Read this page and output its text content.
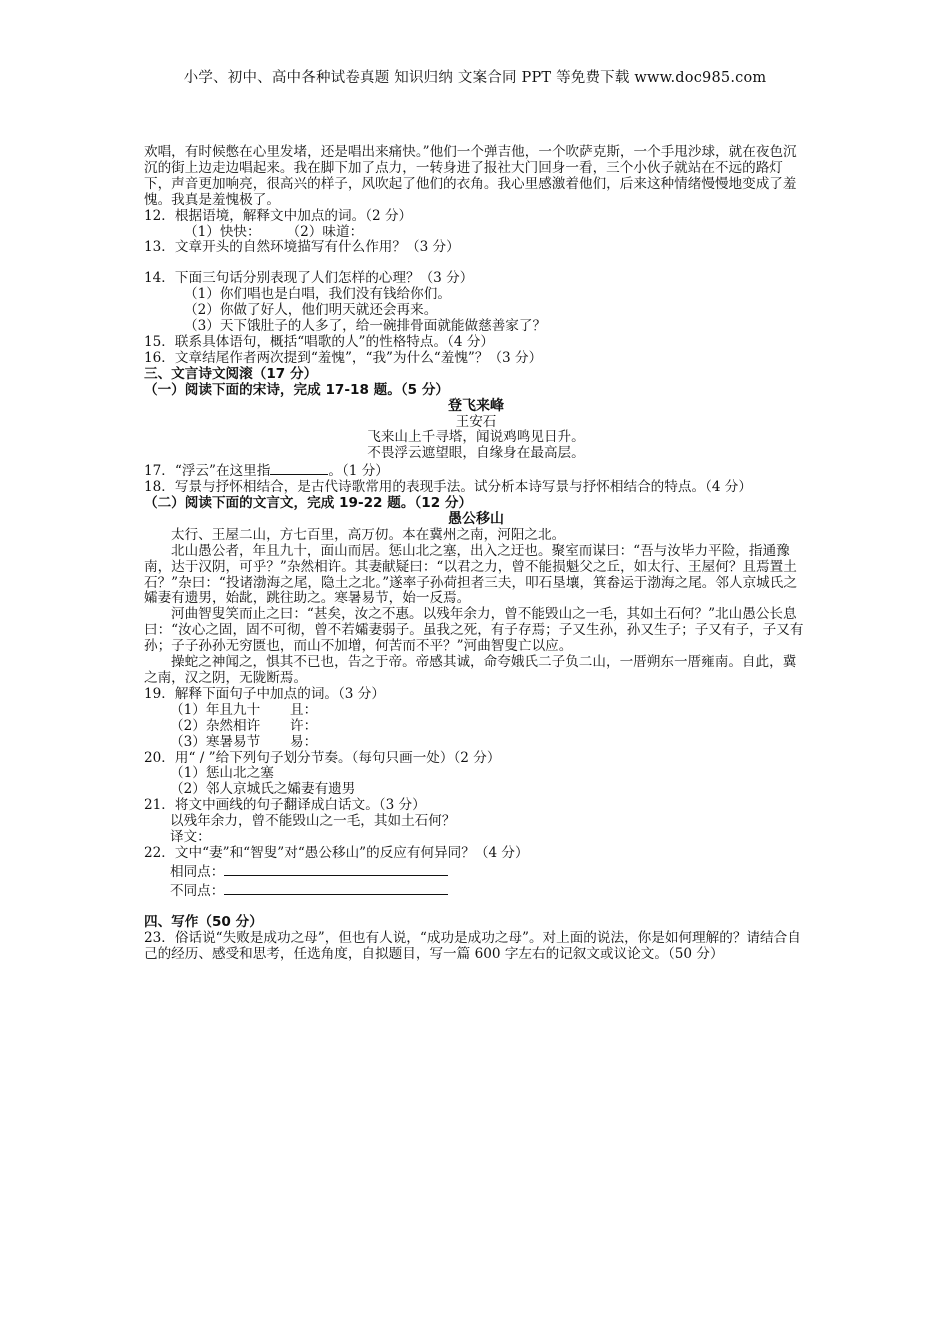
小学、初中、高中各种试卷真题 知识归纳 文案合同 PPT 等免费下载 www.doc985.com

欢唱，有时候憋在心里发堵，还是唱出来痛快。”他们一个弹吉他，一个吹萨克斯，一个手甩沙球，就在夜色沉沉的街上边走边唱起来。我在脚下加了点力，一转身进了报社大门回身一看，三个小伙子就站在不远的路灯下，声音更加响亮，很高兴的样子，风吹起了他们的衣角。我心里感激着他们，后来这种情绪慢慢地变成了羞愧。我真是羞愧极了。

12．根据语境，解释文中加点的词。（2 分）
（1）快快：      （2）味道：
13．文章开头的自然环境描写有什么作用？（3 分）
14．下面三句话分别表现了人们怎样的心理？（3 分）
（1）你们唱也是白唱，我们没有钱给你们。
（2）你做了好人，他们明天就还会再来。
（3）天下饿肚子的人多了，给一碗排骨面就能做慈善家了？
15．联系具体语句，概括“唱歌的人”的性格特点。（4 分）
16．文章结尾作者两次提到“羞愧”，“我”为什么“羞愧”？（3 分）
三、文言诗文阅滚（17 分）
（一）阅读下面的宋诗，完成 17-18 题。（5 分）
登飞来峰
王安石
飞来山上千寻塔，闻说鸡鸣见日升。
不畏浮云遮望眼，自缘身在最高层。
17．“浮云”在这里指	。（1 分）
18．写景与抒怀相结合，是古代诗歌常用的表现手法。试分析本诗写景与抒怀相结合的特点。（4 分）
（二）阅读下面的文言文，完成 19-22 题。（12 分）
愚公移山

太行、王屋二山，方七百里，高万仞。本在冀州之南，河阳之北。

北山愚公者，年且九十，面山而居。惩山北之塞，出入之迂也。聚室而谋曰：“吾与汝毕力平险，指通豫南，达于汉阴，可乎？”杂然相许。其妻献疑曰：“以君之力，曾不能损魁父之丘，如太行、王屋何？且焉置土石？”杂曰：“投诸渤海之尾，隐土之北。”遂率子孙荷担者三夫，叩石垦壤，箕畚运于渤海之尾。邻人京城氏之孀妻有遗男，始龀，跳往助之。寒暑易节，始一反焉。

河曲智叟笑而止之曰：“甚矣，汝之不惠。以残年余力，曾不能毁山之一毛，其如土石何？”北山愚公长息曰：“汝心之固，固不可彻，曾不若孀妻弱子。虽我之死，有子存焉；子又生孙，孙又生子；子又有子，子又有孙；子子孙孙无穷匮也，而山不加增，何苦而不平？”河曲智叟亡以应。

操蛇之神闻之，惧其不已也，告之于帝。帝感其诚，命夸娥氏二子负二山，一厝朔东一厝雍南。自此，冀之南，汉之阴，无陇断焉。

19．解释下面句子中加点的词。（3 分）
（1）年且九十 且：
（2）杂然相许 许：
（3）寒暑易节 易：
20．用“ / ”给下列句子划分节奏。（每句只画一处）（2 分）
（1）惩山北之塞
（2）邻人京城氏之孀妻有遗男
21．将文中画线的句子翻译成白话文。（3 分）
以残年余力，曾不能毁山之一毛，其如土石何？
译文：
22．文中“妻”和“智叟”对“愚公移山”的反应有何异同？（4 分）
相同点：
不同点：
四、写作（50 分）
23．俗话说“失败是成功之母”，但也有人说，“成功是成功之母”。对上面的说法，你是如何理解的？请结合自己的经历、感受和思考，任选角度，自拟题目，写一篇 600 字左右的记叙文或议论文。（50 分）
